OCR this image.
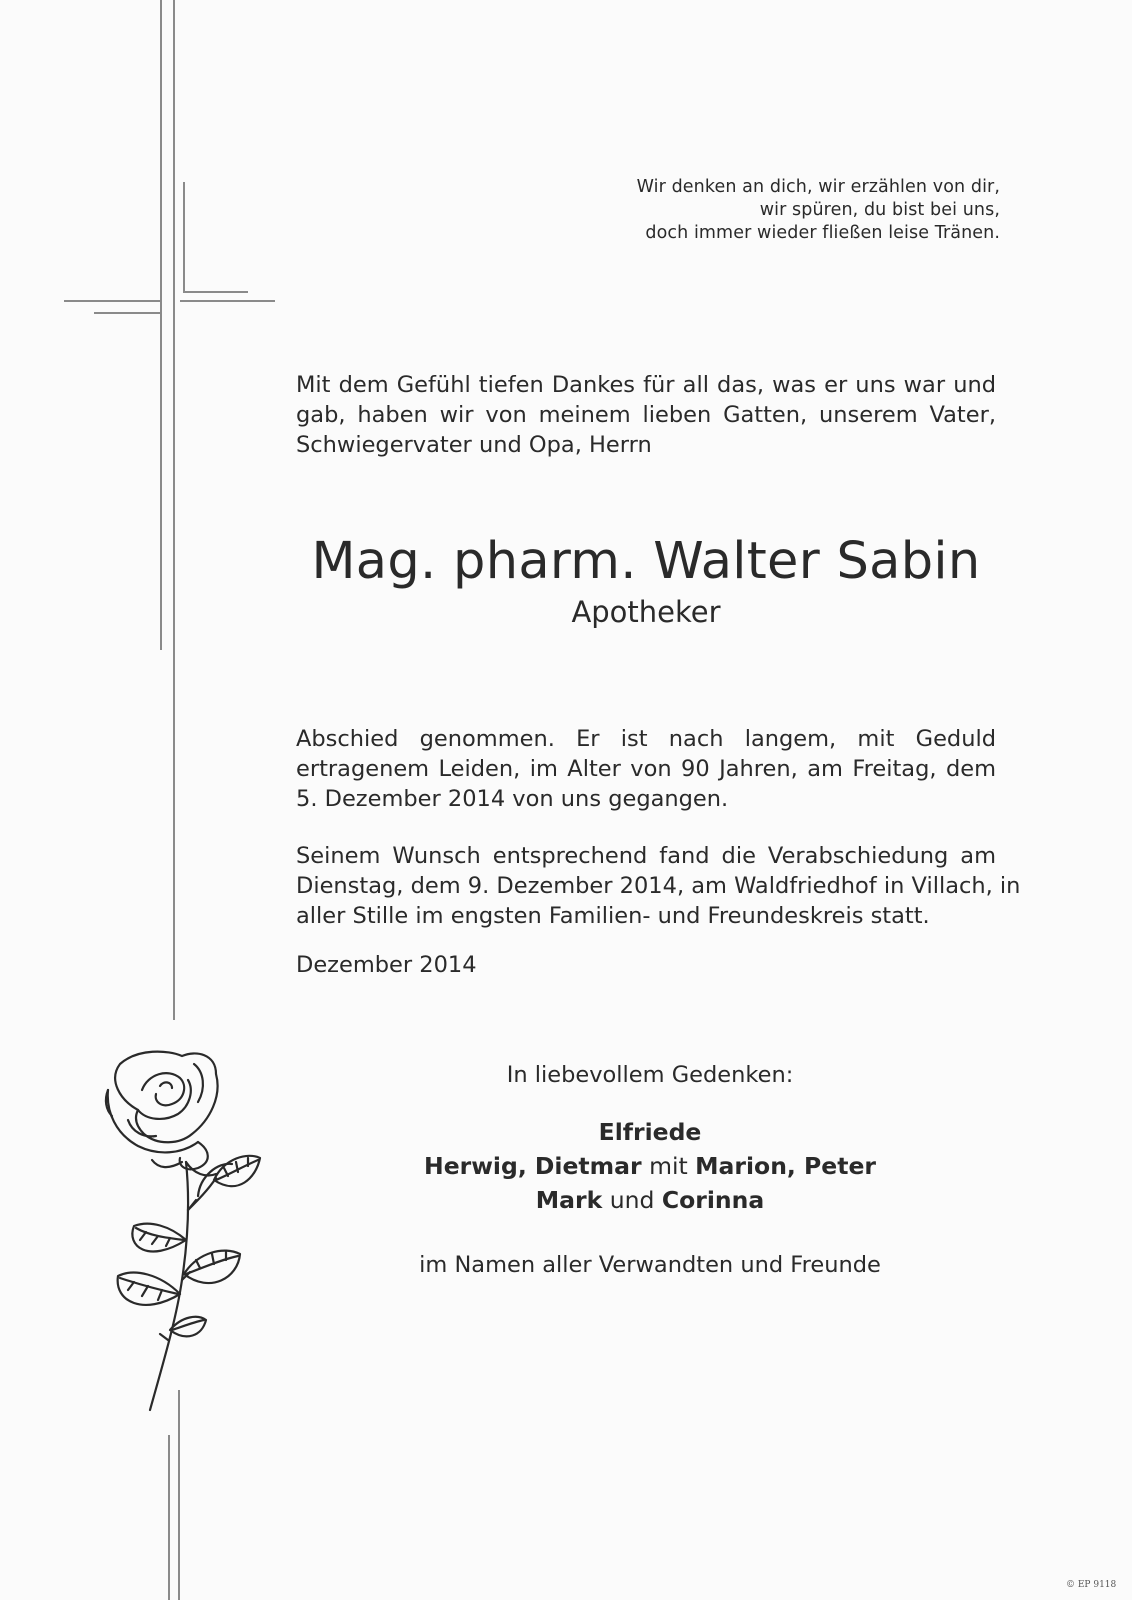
Wir denken an dich, wir erzählen von dir,
wir spüren, du bist bei uns,
doch immer wieder fließen leise Tränen.
Mit dem Gefühl tiefen Dankes für all das, was er uns war und
gab, haben wir von meinem lieben Gatten, unserem Vater,
Schwiegervater und Opa, Herrn
Mag. pharm. Walter Sabin
Apotheker
Abschied genommen. Er ist nach langem, mit Geduld
ertragenem Leiden, im Alter von 90 Jahren, am Freitag, dem
5. Dezember 2014 von uns gegangen.
Seinem Wunsch entsprechend fand die Verabschiedung am
Dienstag, dem 9. Dezember 2014, am Waldfriedhof in Villach, in
aller Stille im engsten Familien- und Freundeskreis statt.
Dezember 2014
In liebevollem Gedenken:
Elfriede
Herwig, Dietmar mit Marion, Peter
Mark und Corinna
im Namen aller Verwandten und Freunde
© EP 9118
